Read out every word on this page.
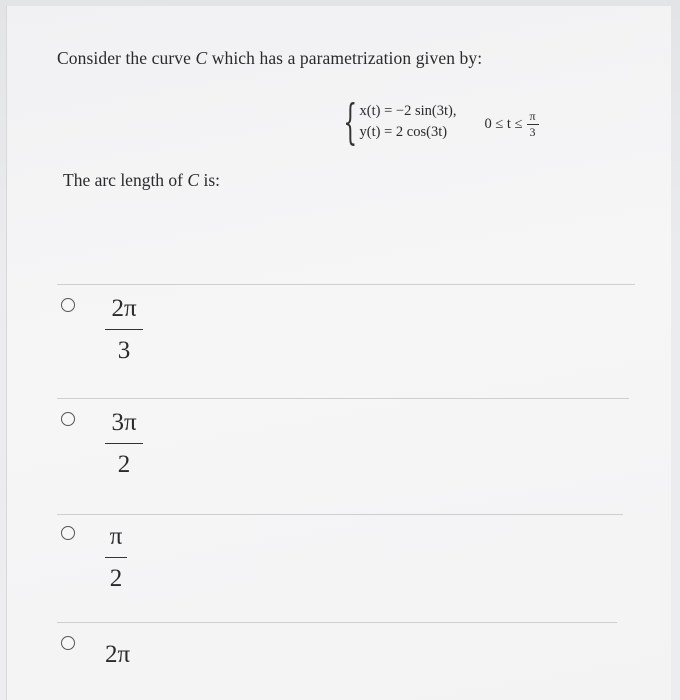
Consider the curve C which has a parametrization given by:
{ x(t) = −2 sin(3t),
y(t) = 2 cos(3t)
$0 \le t \le \frac{\pi}{3}$
The arc length of C is:
$\frac{2\pi}{3}$
$\frac{3\pi}{2}$
$\frac{\pi}{2}$
2π
